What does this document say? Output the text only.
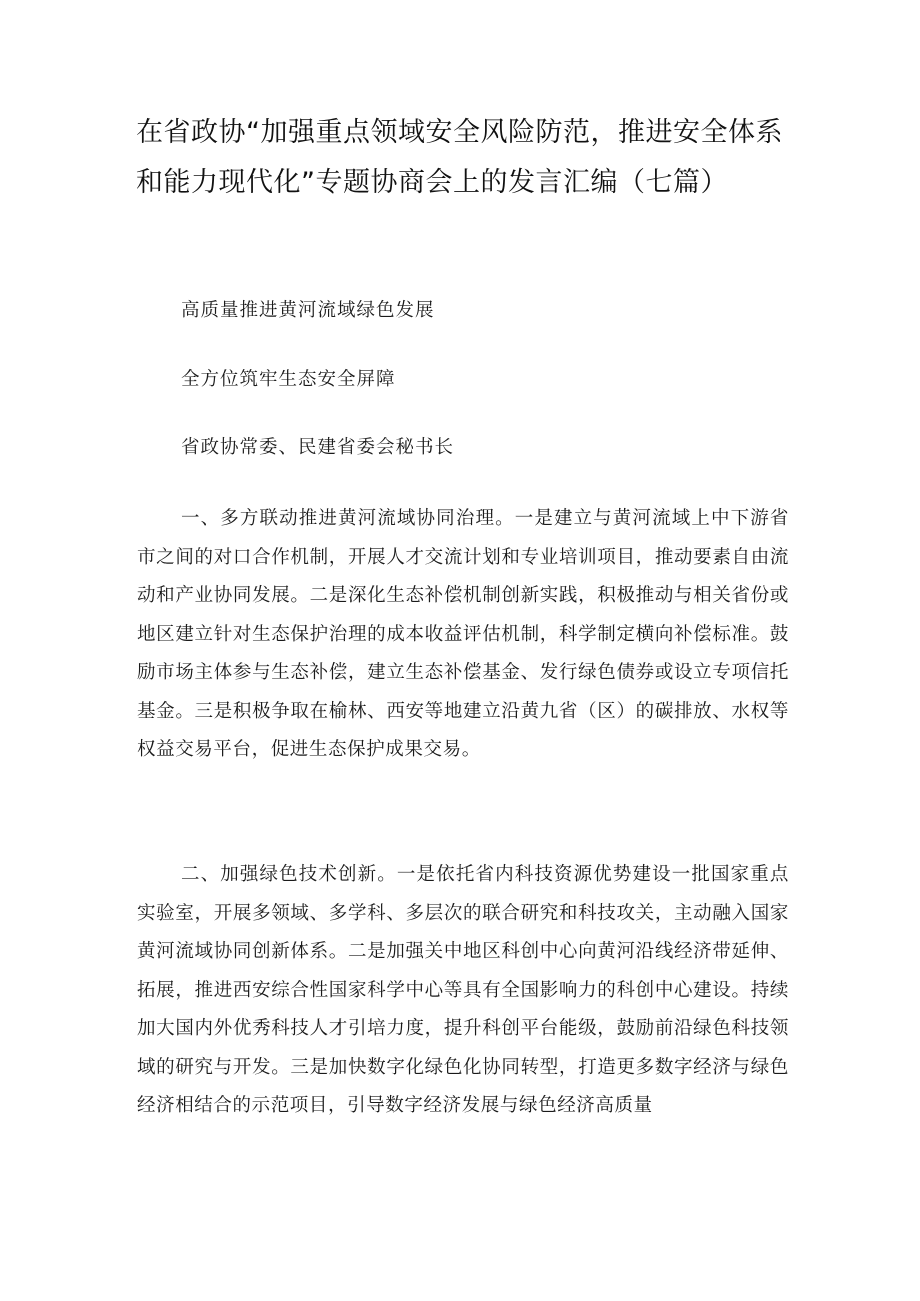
在省政协“加强重点领域安全风险防范，推进安全体系和能力现代化”专题协商会上的发言汇编（七篇）

高质量推进黄河流域绿色发展

全方位筑牢生态安全屏障

省政协常委、民建省委会秘书长

一、多方联动推进黄河流域协同治理。一是建立与黄河流域上中下游省市之间的对口合作机制，开展人才交流计划和专业培训项目，推动要素自由流动和产业协同发展。二是深化生态补偿机制创新实践，积极推动与相关省份或地区建立针对生态保护治理的成本收益评估机制，科学制定横向补偿标准。鼓励市场主体参与生态补偿，建立生态补偿基金、发行绿色债券或设立专项信托基金。三是积极争取在榆林、西安等地建立沿黄九省（区）的碳排放、水权等权益交易平台，促进生态保护成果交易。

二、加强绿色技术创新。一是依托省内科技资源优势建设一批国家重点实验室，开展多领域、多学科、多层次的联合研究和科技攻关，主动融入国家黄河流域协同创新体系。二是加强关中地区科创中心向黄河沿线经济带延伸、拓展，推进西安综合性国家科学中心等具有全国影响力的科创中心建设。持续加大国内外优秀科技人才引培力度，提升科创平台能级，鼓励前沿绿色科技领域的研究与开发。三是加快数字化绿色化协同转型，打造更多数字经济与绿色经济相结合的示范项目，引导数字经济发展与绿色经济高质量
